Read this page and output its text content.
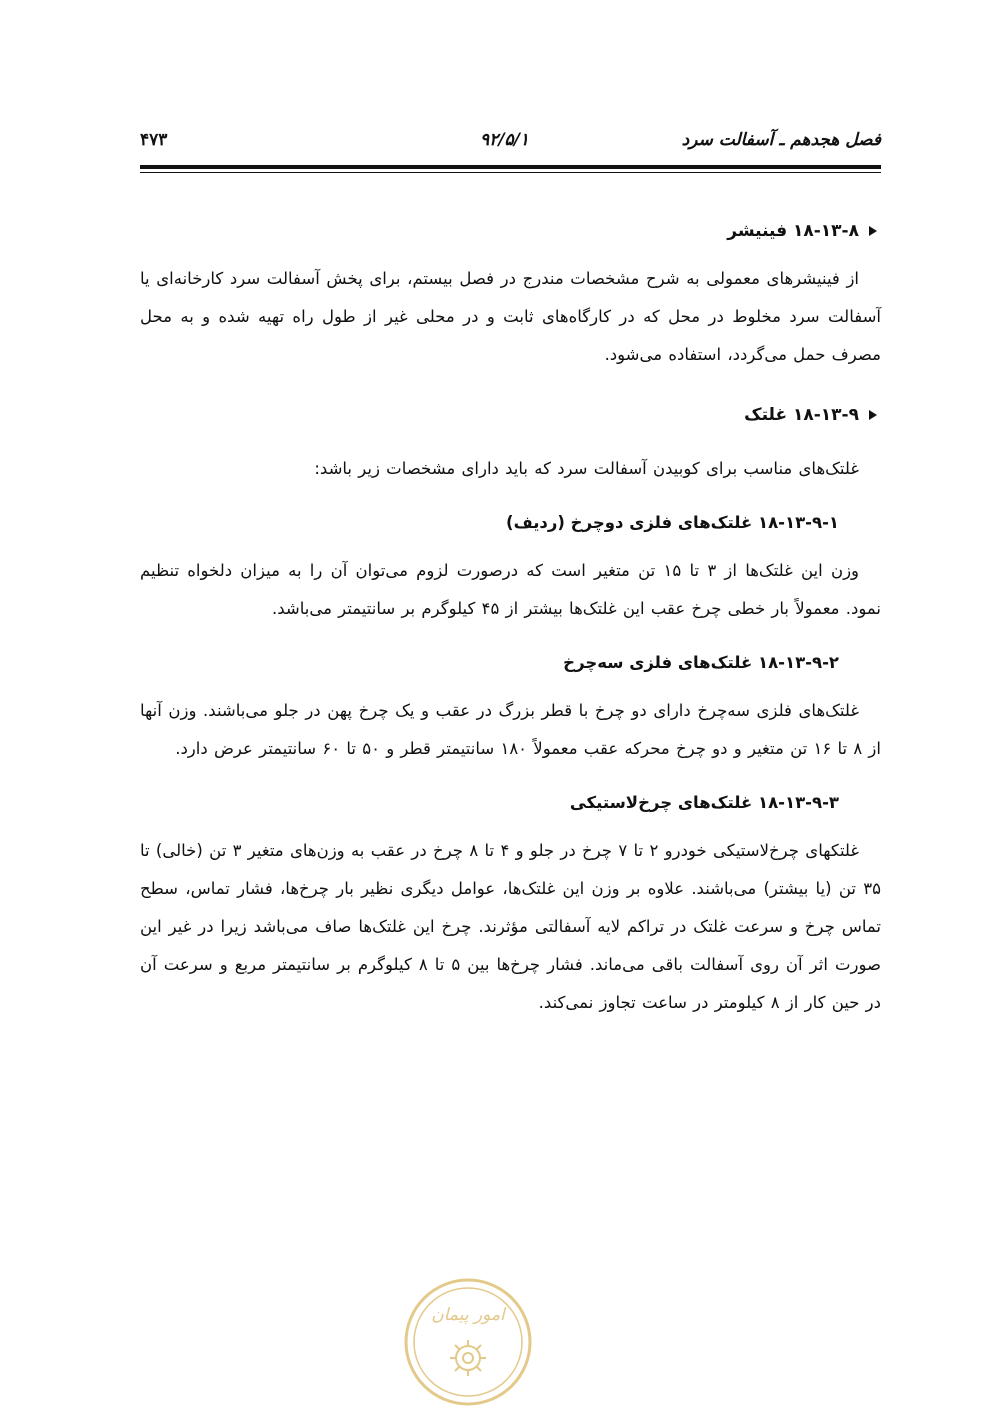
فصل هجدهم ـ آسفالت سرد
۹۲/۵/۱
۴۷۳
۱۸-۱۳-۸ فینیشر

از فینیشرهای معمولی به شرح مشخصات مندرج در فصل بیستم، برای پخش آسفالت سرد کارخانه‌ای یا آسفالت سرد مخلوط در محل که در کارگاه‌های ثابت و در محلی غیر از طول راه تهیه شده و به محل مصرف حمل می‌گردد، استفاده می‌شود.

۱۸-۱۳-۹ غلتک

غلتک‌های مناسب برای کوبیدن آسفالت سرد که باید دارای مشخصات زیر باشد:

۱۸-۱۳-۹-۱ غلتک‌های فلزی دوچرخ (ردیف)

وزن این غلتک‌ها از ۳ تا ۱۵ تن متغیر است که درصورت لزوم می‌توان آن را به میزان دلخواه تنظیم نمود. معمولاً بار خطی چرخ عقب این غلتک‌ها بیشتر از ۴۵ کیلوگرم بر سانتیمتر می‌باشد.

۱۸-۱۳-۹-۲ غلتک‌های فلزی سه‌چرخ

غلتک‌های فلزی سه‌چرخ دارای دو چرخ با قطر بزرگ در عقب و یک چرخ پهن در جلو می‌باشند. وزن آنها از ۸ تا ۱۶ تن متغیر و دو چرخ محرکه عقب معمولاً ۱۸۰ سانتیمتر قطر و ۵۰ تا ۶۰ سانتیمتر عرض دارد.

۱۸-۱۳-۹-۳ غلتک‌های چرخ‌لاستیکی

غلتکهای چرخ‌لاستیکی خودرو ۲ تا ۷ چرخ در جلو و ۴ تا ۸ چرخ در عقب به وزن‌های متغیر ۳ تن (خالی) تا ۳۵ تن (یا بیشتر) می‌باشند. علاوه بر وزن این غلتک‌ها، عوامل دیگری نظیر بار چرخ‌ها، فشار تماس، سطح تماس چرخ و سرعت غلتک در تراکم لایه آسفالتی مؤثرند. چرخ این غلتک‌ها صاف می‌باشد زیرا در غیر این صورت اثر آن روی آسفالت باقی می‌ماند. فشار چرخ‌ها بین ۵ تا ۸ کیلوگرم بر سانتیمتر مربع و سرعت آن در حین کار از ۸ کیلومتر در ساعت تجاوز نمی‌کند.

امور پیمان
